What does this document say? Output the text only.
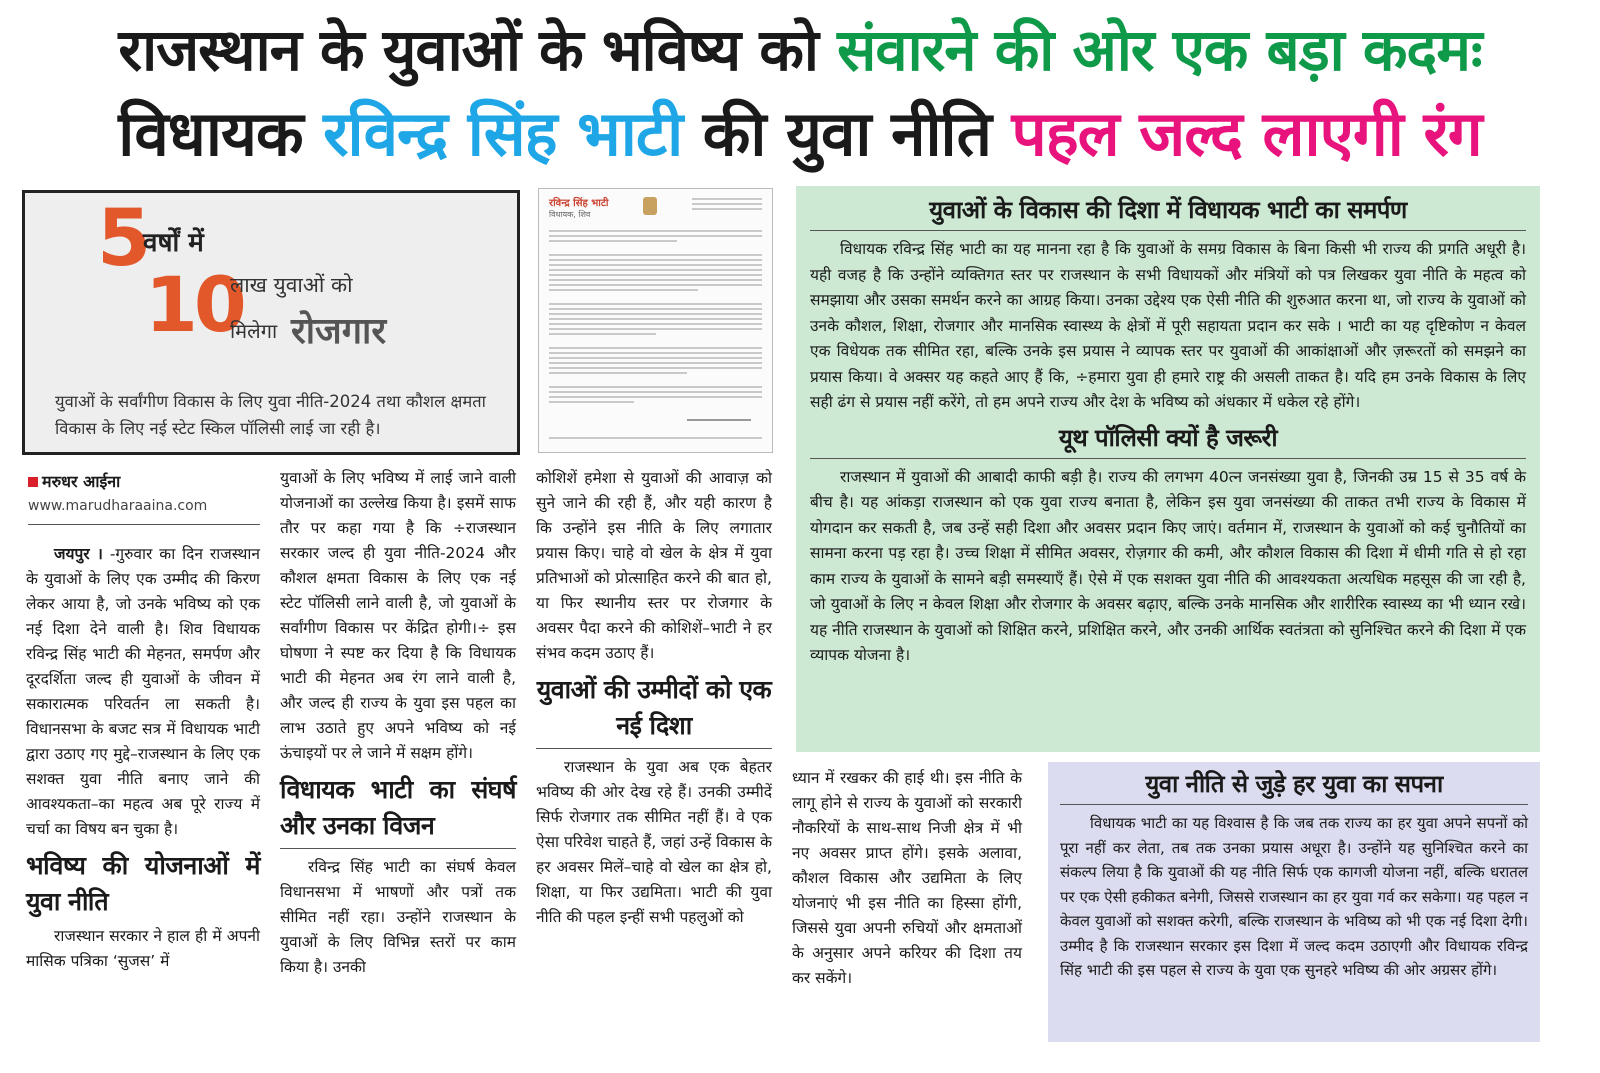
राजस्थान के युवाओं के भविष्य को संवारने की ओर एक बड़ा कदमः
विधायक रविन्द्र सिंह भाटी की युवा नीति पहल जल्द लाएगी रंग
5
वर्षों में
10
लाख युवाओं को
मिलेगा रोजगार
युवाओं के सर्वांगीण विकास के लिए युवा नीति-2024 तथा कौशल क्षमता विकास के लिए नई स्टेट स्किल पॉलिसी लाई जा रही है।
रविन्द्र सिंह भाटी
विधायक, शिव
मरुधर आईना
www.marudharaaina.com

जयपुर । -गुरुवार का दिन राजस्थान के युवाओं के लिए एक उम्मीद की किरण लेकर आया है, जो उनके भविष्य को एक नई दिशा देने वाली है। शिव विधायक रविन्द्र सिंह भाटी की मेहनत, समर्पण और दूरदर्शिता जल्द ही युवाओं के जीवन में सकारात्मक परिवर्तन ला सकती है। विधानसभा के बजट सत्र में विधायक भाटी द्वारा उठाए गए मुद्दे–राजस्थान के लिए एक सशक्त युवा नीति बनाए जाने की आवश्यकता–का महत्व अब पूरे राज्य में चर्चा का विषय बन चुका है।

भविष्य की योजनाओं में युवा नीति

राजस्थान सरकार ने हाल ही में अपनी मासिक पत्रिका ‘सुजस’ में

युवाओं के लिए भविष्य में लाई जाने वाली योजनाओं का उल्लेख किया है। इसमें साफ तौर पर कहा गया है कि ÷राजस्थान सरकार जल्द ही युवा नीति-2024 और कौशल क्षमता विकास के लिए एक नई स्टेट पॉलिसी लाने वाली है, जो युवाओं के सर्वांगीण विकास पर केंद्रित होगी।÷ इस घोषणा ने स्पष्ट कर दिया है कि विधायक भाटी की मेहनत अब रंग लाने वाली है, और जल्द ही राज्य के युवा इस पहल का लाभ उठाते हुए अपने भविष्य को नई ऊंचाइयों पर ले जाने में सक्षम होंगे।

विधायक भाटी का संघर्ष और उनका विजन

रविन्द्र सिंह भाटी का संघर्ष केवल विधानसभा में भाषणों और पत्रों तक सीमित नहीं रहा। उन्होंने राजस्थान के युवाओं के लिए विभिन्न स्तरों पर काम किया है। उनकी

कोशिशें हमेशा से युवाओं की आवाज़ को सुने जाने की रही हैं, और यही कारण है कि उन्होंने इस नीति के लिए लगातार प्रयास किए। चाहे वो खेल के क्षेत्र में युवा प्रतिभाओं को प्रोत्साहित करने की बात हो, या फिर स्थानीय स्तर पर रोजगार के अवसर पैदा करने की कोशिशें–भाटी ने हर संभव कदम उठाए हैं।

युवाओं की उम्मीदों को एक नई दिशा

राजस्थान के युवा अब एक बेहतर भविष्य की ओर देख रहे हैं। उनकी उम्मीदें सिर्फ रोजगार तक सीमित नहीं हैं। वे एक ऐसा परिवेश चाहते हैं, जहां उन्हें विकास के हर अवसर मिलें–चाहे वो खेल का क्षेत्र हो, शिक्षा, या फिर उद्यमिता। भाटी की युवा नीति की पहल इन्हीं सभी पहलुओं को

ध्यान में रखकर की हाई थी। इस नीति के लागू होने से राज्य के युवाओं को सरकारी नौकरियों के साथ-साथ निजी क्षेत्र में भी नए अवसर प्राप्त होंगे। इसके अलावा, कौशल विकास और उद्यमिता के लिए योजनाएं भी इस नीति का हिस्सा होंगी, जिससे युवा अपनी रुचियों और क्षमताओं के अनुसार अपने करियर की दिशा तय कर सकेंगे।

युवाओं के विकास की दिशा में विधायक भाटी का समर्पण

विधायक रविन्द्र सिंह भाटी का यह मानना रहा है कि युवाओं के समग्र विकास के बिना किसी भी राज्य की प्रगति अधूरी है। यही वजह है कि उन्होंने व्यक्तिगत स्तर पर राजस्थान के सभी विधायकों और मंत्रियों को पत्र लिखकर युवा नीति के महत्व को समझाया और उसका समर्थन करने का आग्रह किया। उनका उद्देश्य एक ऐसी नीति की शुरुआत करना था, जो राज्य के युवाओं को उनके कौशल, शिक्षा, रोजगार और मानसिक स्वास्थ्य के क्षेत्रों में पूरी सहायता प्रदान कर सके । भाटी का यह दृष्टिकोण न केवल एक विधेयक तक सीमित रहा, बल्कि उनके इस प्रयास ने व्यापक स्तर पर युवाओं की आकांक्षाओं और ज़रूरतों को समझने का प्रयास किया। वे अक्सर यह कहते आए हैं कि, ÷हमारा युवा ही हमारे राष्ट्र की असली ताकत है। यदि हम उनके विकास के लिए सही ढंग से प्रयास नहीं करेंगे, तो हम अपने राज्य और देश के भविष्य को अंधकार में धकेल रहे होंगे।

यूथ पॉलिसी क्यों है जरूरी

राजस्थान में युवाओं की आबादी काफी बड़ी है। राज्य की लगभग 40त्न जनसंख्या युवा है, जिनकी उम्र 15 से 35 वर्ष के बीच है। यह आंकड़ा राजस्थान को एक युवा राज्य बनाता है, लेकिन इस युवा जनसंख्या की ताकत तभी राज्य के विकास में योगदान कर सकती है, जब उन्हें सही दिशा और अवसर प्रदान किए जाएं। वर्तमान में, राजस्थान के युवाओं को कई चुनौतियों का सामना करना पड़ रहा है। उच्च शिक्षा में सीमित अवसर, रोज़गार की कमी, और कौशल विकास की दिशा में धीमी गति से हो रहा काम राज्य के युवाओं के सामने बड़ी समस्याएँ हैं। ऐसे में एक सशक्त युवा नीति की आवश्यकता अत्यधिक महसूस की जा रही है, जो युवाओं के लिए न केवल शिक्षा और रोजगार के अवसर बढ़ाए, बल्कि उनके मानसिक और शारीरिक स्वास्थ्य का भी ध्यान रखे। यह नीति राजस्थान के युवाओं को शिक्षित करने, प्रशिक्षित करने, और उनकी आर्थिक स्वतंत्रता को सुनिश्चित करने की दिशा में एक व्यापक योजना है।

युवा नीति से जुड़े हर युवा का सपना

विधायक भाटी का यह विश्वास है कि जब तक राज्य का हर युवा अपने सपनों को पूरा नहीं कर लेता, तब तक उनका प्रयास अधूरा है। उन्होंने यह सुनिश्चित करने का संकल्प लिया है कि युवाओं की यह नीति सिर्फ एक कागजी योजना नहीं, बल्कि धरातल पर एक ऐसी हकीकत बनेगी, जिससे राजस्थान का हर युवा गर्व कर सकेगा। यह पहल न केवल युवाओं को सशक्त करेगी, बल्कि राजस्थान के भविष्य को भी एक नई दिशा देगी। उम्मीद है कि राजस्थान सरकार इस दिशा में जल्द कदम उठाएगी और विधायक रविन्द्र सिंह भाटी की इस पहल से राज्य के युवा एक सुनहरे भविष्य की ओर अग्रसर होंगे।
